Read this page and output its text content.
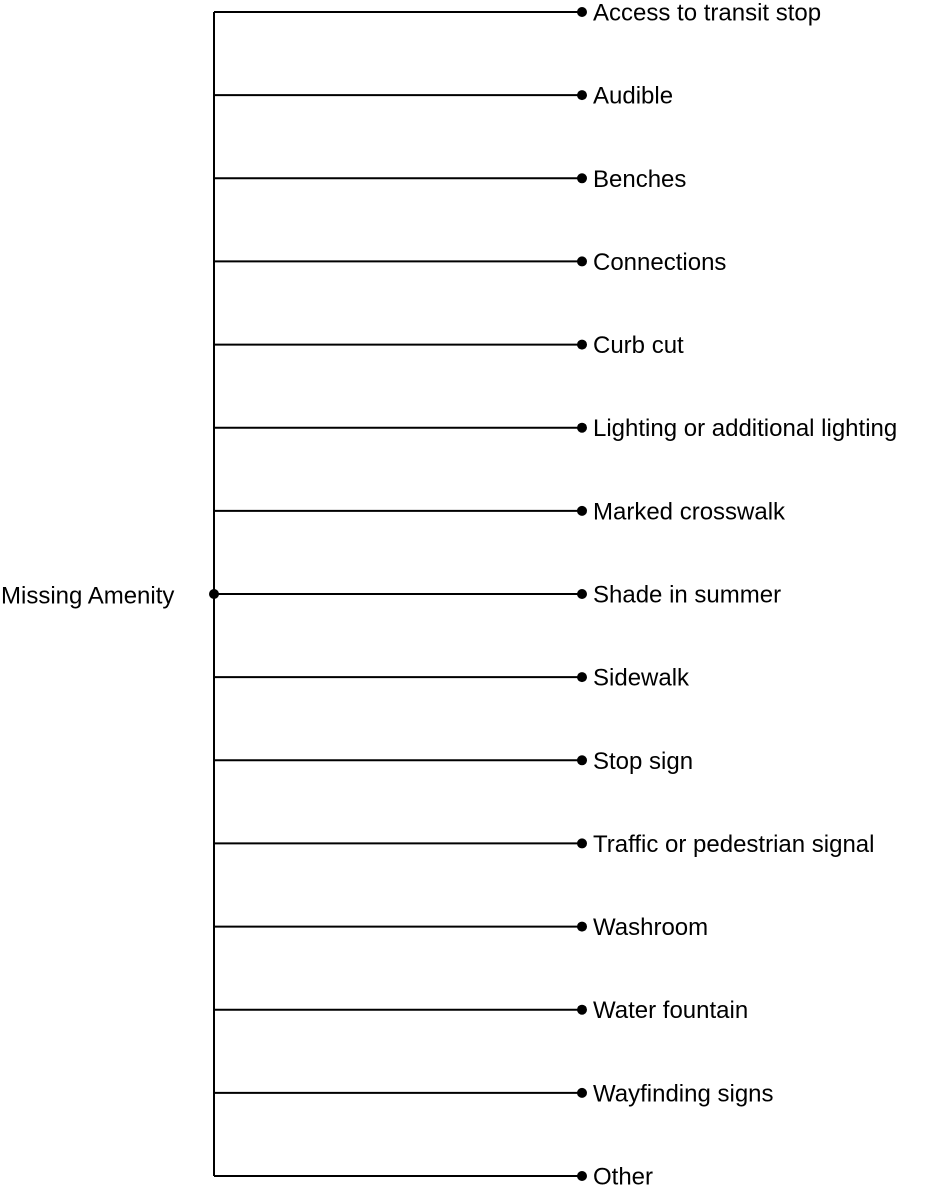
Access to transit stop
Audible
Benches
Connections
Curb cut
Lighting or additional lighting
Marked crosswalk
Shade in summer
Sidewalk
Stop sign
Traffic or pedestrian signal
Washroom
Water fountain
Wayfinding signs
Other
Missing Amenity
